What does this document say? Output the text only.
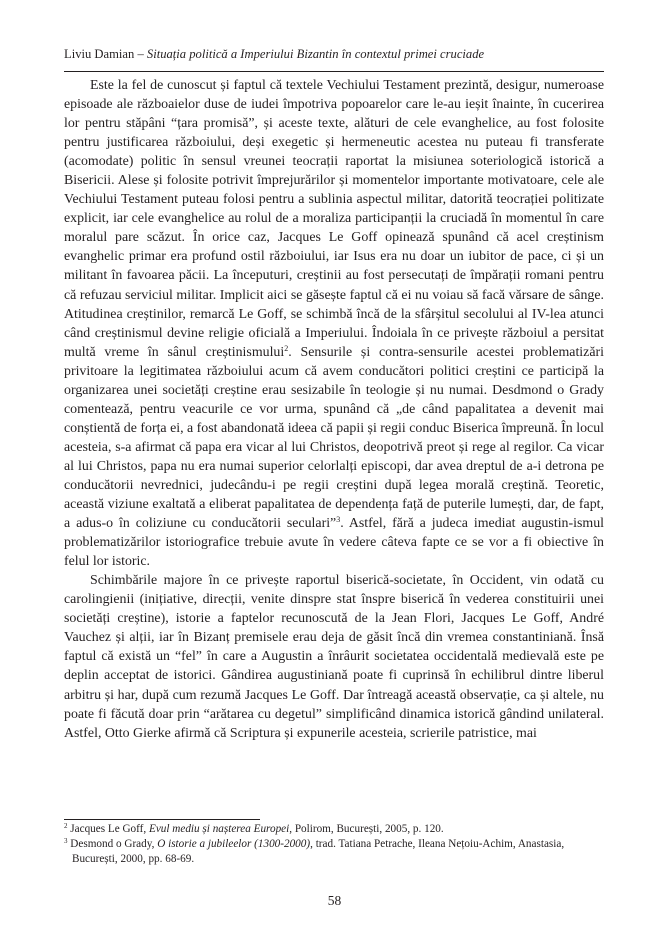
Liviu Damian – Situația politică a Imperiului Bizantin în contextul primei cruciade

Este la fel de cunoscut și faptul că textele Vechiului Testament prezintă, desigur, numeroase episoade ale războaielor duse de iudei împotriva popoarelor care le-au ieșit înainte, în cucerirea lor pentru stăpâni “țara promisă”, și aceste texte, alături de cele evanghelice, au fost folosite pentru justificarea războiului, deși exegetic și hermeneutic acestea nu puteau fi transferate (acomodate) politic în sensul vreunei teocrații raportat la misiunea soteriologică istorică a Bisericii. Alese și folosite potrivit împrejurărilor și momentelor importante motivatoare, cele ale Vechiului Testament puteau folosi pentru a sublinia aspectul militar, datorită teocrației politizate explicit, iar cele evanghelice au rolul de a moraliza participanții la cruciadă în momentul în care moralul pare scăzut. În orice caz, Jacques Le Goff opinează spunând că acel creștinism evanghelic primar era profund ostil războiului, iar Isus era nu doar un iubitor de pace, ci și un militant în favoarea păcii. La începuturi, creștinii au fost persecutați de împărații romani pentru că refuzau serviciul militar. Implicit aici se găsește faptul că ei nu voiau să facă vărsare de sânge. Atitudinea creștinilor, remarcă Le Goff, se schimbă încă de la sfârșitul secolului al IV-lea atunci când creștinismul devine religie oficială a Imperiului. Îndoiala în ce privește războiul a persitat multă vreme în sânul creștinismului$^2$. Sensurile și contra-sensurile acestei problematizări privitoare la legitimatea războiului acum că avem conducători politici creștini ce participă la organizarea unei societăți creștine erau sesizabile în teologie și nu numai. Desdmond o Grady comentează, pentru veacurile ce vor urma, spunând că „de când papalitatea a devenit mai conștientă de forța ei, a fost abandonată ideea că papii și regii conduc Biserica împreună. În locul acesteia, s-a afirmat că papa era vicar al lui Christos, deopotrivă preot și rege al regilor. Ca vicar al lui Christos, papa nu era numai superior celorlalți episcopi, dar avea dreptul de a-i detrona pe conducătorii nevrednici, judecându-i pe regii creștini după legea morală creștină. Teoretic, această viziune exaltată a eliberat papalitatea de dependența față de puterile lumești, dar, de fapt, a adus-o în coliziune cu conducătorii seculari”$^3$. Astfel, fără a judeca imediat augustin-ismul problematizărilor istoriografice trebuie avute în vedere câteva fapte ce se vor a fi obiective în felul lor istoric.

Schimbările majore în ce privește raportul biserică-societate, în Occident, vin odată cu carolingienii (inițiative, direcții, venite dinspre stat înspre biserică în vederea constituirii unei societăți creștine), istorie a faptelor recunoscută de la Jean Flori, Jacques Le Goff, André Vauchez și alții, iar în Bizanț premisele erau deja de găsit încă din vremea constantiniană. Însă faptul că există un “fel” în care a Augustin a înrâurit societatea occidentală medievală este pe deplin acceptat de istorici. Gândirea augustiniană poate fi cuprinsă în echilibrul dintre liberul arbitru și har, după cum rezumă Jacques Le Goff. Dar întreagă această observație, ca și altele, nu poate fi făcută doar prin “arătarea cu degetul” simplificând dinamica istorică gândind unilateral. Astfel, Otto Gierke afirmă că Scriptura și expunerile acesteia, scrierile patristice, mai

$^2$ Jacques Le Goff, Evul mediu și nașterea Europei, Polirom, București, 2005, p. 120.

$^3$ Desmond o Grady, O istorie a jubileelor (1300-2000), trad. Tatiana Petrache, Ileana Nețoiu-Achim, Anastasia, București, 2000, pp. 68-69.

58
